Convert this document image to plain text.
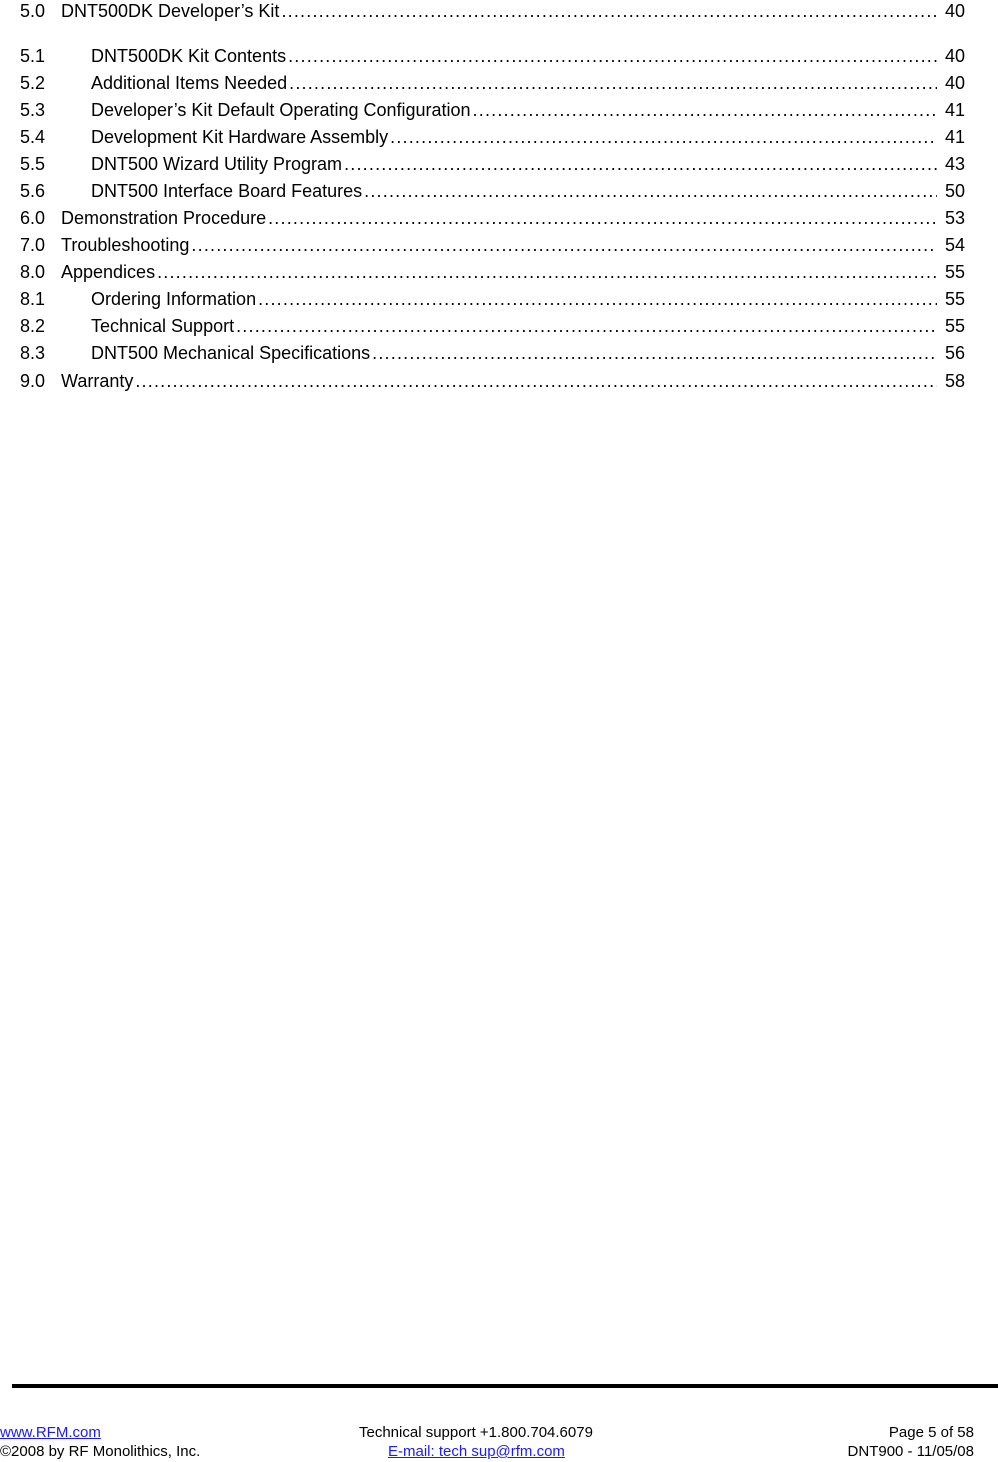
5.0 DNT500DK Developer’s Kit .....	40
5.1	DNT500DK Kit Contents .....	40
5.2	Additional Items Needed .....	40
5.3	Developer’s Kit Default Operating Configuration .....	41
5.4	Development Kit Hardware Assembly .....	41
5.5	DNT500 Wizard Utility Program .....	43
5.6	DNT500 Interface Board Features .....	50
6.0 Demonstration Procedure .....	53
7.0 Troubleshooting .....	54
8.0 Appendices .....	55
8.1	Ordering Information .....	55
8.2	Technical Support .....	55
8.3	DNT500 Mechanical Specifications .....	56
9.0 Warranty .....	58
www.RFM.com
©2008 by RF Monolithics, Inc.
Technical support +1.800.704.6079
E-mail: tech sup@rfm.com
Page 5 of 58
DNT900 - 11/05/08
